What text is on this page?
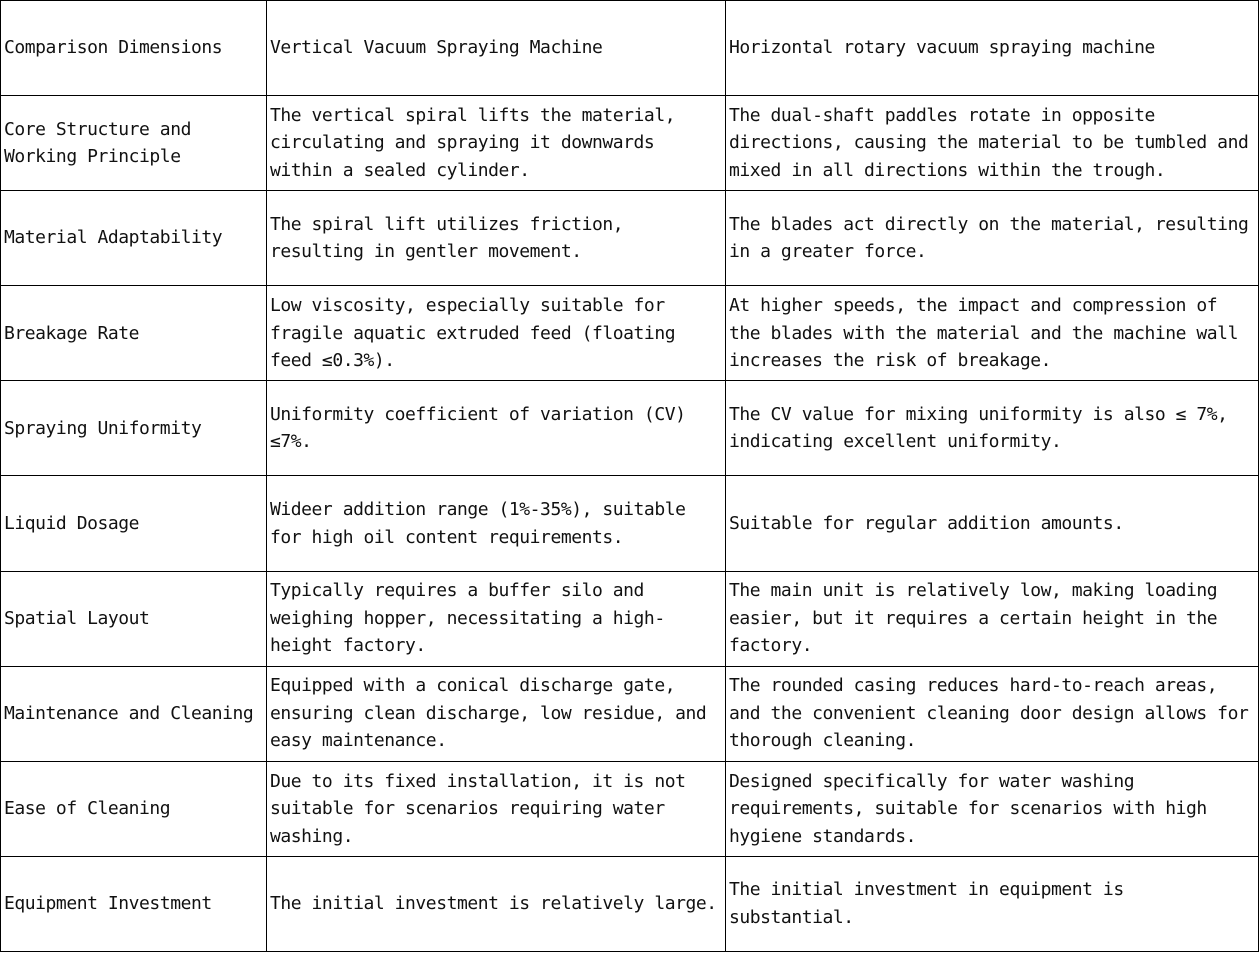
Comparison Dimensions	Vertical Vacuum Spraying Machine	Horizontal rotary vacuum spraying machine
Core Structure and Working Principle	The vertical spiral lifts the material, circulating and spraying it downwards within a sealed cylinder.	The dual-shaft paddles rotate in opposite directions, causing the material to be tumbled and mixed in all directions within the trough.
Material Adaptability	The spiral lift utilizes friction, resulting in gentler movement.	The blades act directly on the material, resulting in a greater force.
Breakage Rate	Low viscosity, especially suitable for fragile aquatic extruded feed (floating feed ≤0.3%).	At higher speeds, the impact and compression of the blades with the material and the machine wall increases the risk of breakage.
Spraying Uniformity	Uniformity coefficient of variation (CV) ≤7%.	The CV value for mixing uniformity is also ≤ 7%, indicating excellent uniformity.
Liquid Dosage	Wideer addition range (1%-35%), suitable for high oil content requirements.	Suitable for regular addition amounts.
Spatial Layout	Typically requires a buffer silo and weighing hopper, necessitating a high-height factory.	The main unit is relatively low, making loading easier, but it requires a certain height in the factory.
Maintenance and Cleaning	Equipped with a conical discharge gate, ensuring clean discharge, low residue, and easy maintenance.	The rounded casing reduces hard-to-reach areas, and the convenient cleaning door design allows for thorough cleaning.
Ease of Cleaning	Due to its fixed installation, it is not suitable for scenarios requiring water washing.	Designed specifically for water washing requirements, suitable for scenarios with high hygiene standards.
Equipment Investment	The initial investment is relatively large.	The initial investment in equipment is substantial.
